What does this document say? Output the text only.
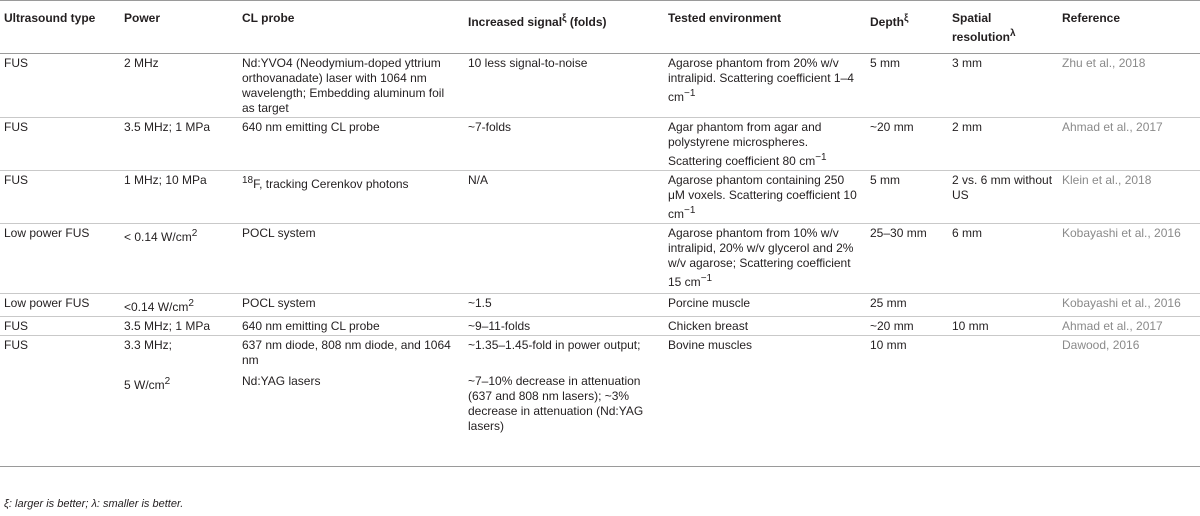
Ultrasound type	Power	CL probe	Increased signal$^\xi$ (folds)	Tested environment	Depth$^\xi$	Spatial resolution$^\lambda$	Reference
FUS	2 MHz	Nd:YVO4 (Neodymium-doped yttrium orthovanadate) laser with 1064 nm wavelength; Embedding aluminum foil as target	10 less signal-to-noise	Agarose phantom from 20% w/v intralipid. Scattering coefficient 1–4 $cm^{-1}$	5 mm	3 mm	Zhu et al., 2018
FUS	3.5 MHz; 1 MPa	640 nm emitting CL probe	~7-folds	Agar phantom from agar and polystyrene microspheres. Scattering coefficient 80 $cm^{-1}$	~20 mm	2 mm	Ahmad et al., 2017
FUS	1 MHz; 10 MPa	$^{18}$F, tracking Cerenkov photons	N/A	Agarose phantom containing 250 μM voxels. Scattering coefficient 10 $cm^{-1}$	5 mm	2 vs. 6 mm without US	Klein et al., 2018
Low power FUS	< 0.14 $W/cm^2$	POCL system		Agarose phantom from 10% w/v intralipid, 20% w/v glycerol and 2% w/v agarose; Scattering coefficient 15 $cm^{-1}$	25–30 mm	6 mm	Kobayashi et al., 2016
Low power FUS	<0.14 $W/cm^2$	POCL system	~1.5	Porcine muscle	25 mm		Kobayashi et al., 2016
FUS	3.5 MHz; 1 MPa	640 nm emitting CL probe	~9–11-folds	Chicken breast	~20 mm	10 mm	Ahmad et al., 2017
FUS	3.3 MHz;	637 nm diode, 808 nm diode, and 1064 nm	~1.35–1.45-fold in power output;	Bovine muscles	10 mm		Dawood, 2016
	5 $W/cm^2$	Nd:YAG lasers	~7–10% decrease in attenuation (637 and 808 nm lasers); ~3% decrease in attenuation (Nd:YAG lasers)				
ξ: larger is better; λ: smaller is better.
